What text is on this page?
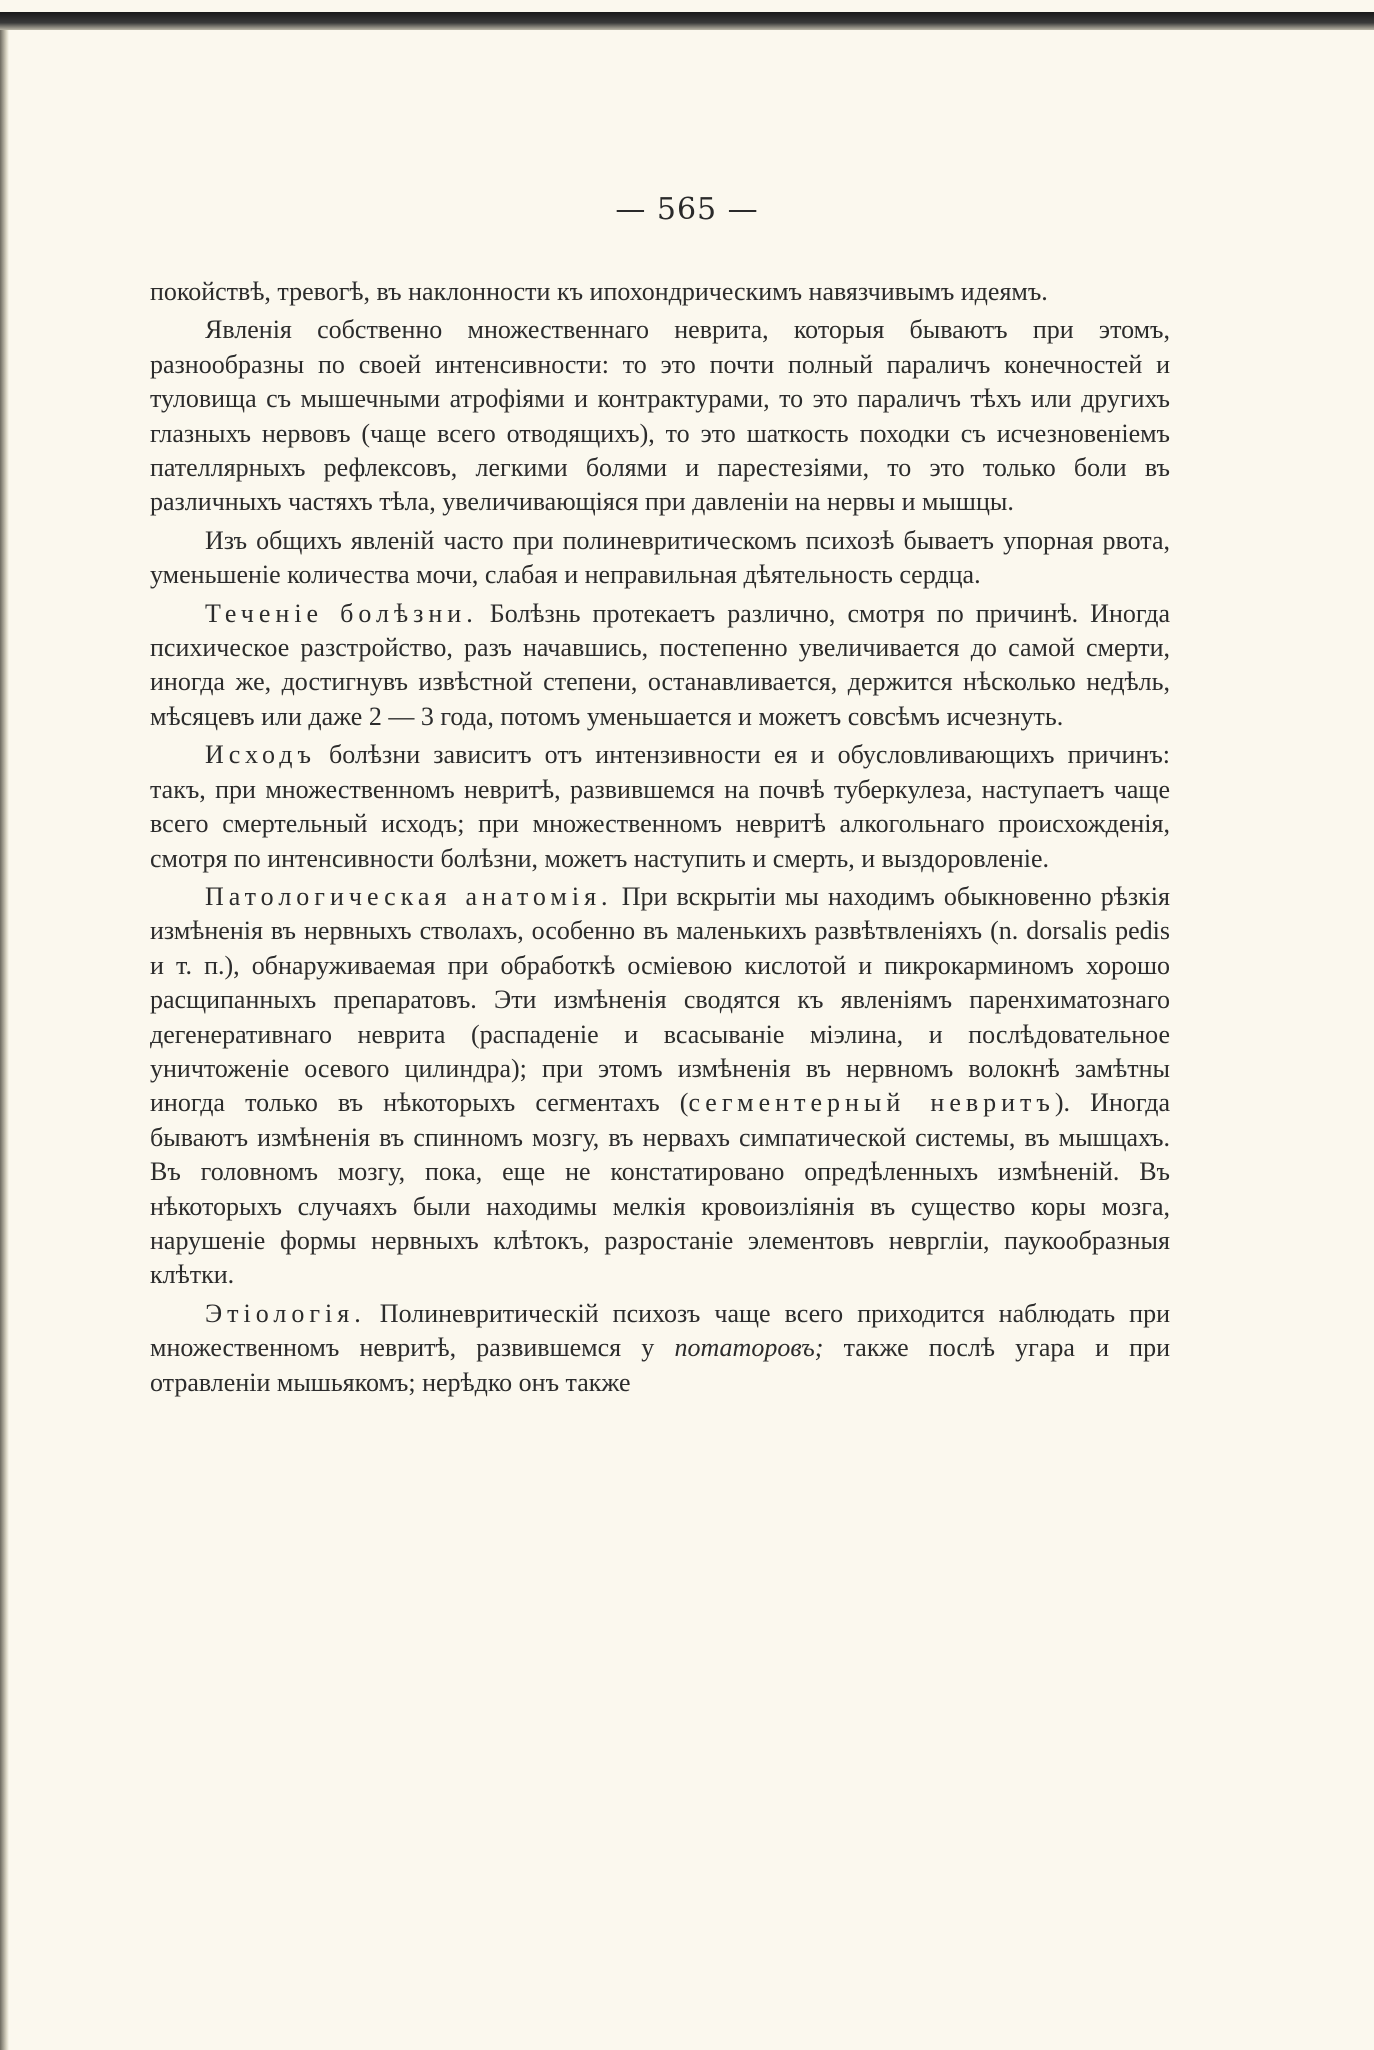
— 565 —

покойствѣ, тревогѣ, въ наклонности къ ипохондрическимъ навязчивымъ идеямъ.

Явленія собственно множественнаго неврита, которыя бываютъ при этомъ, разнообразны по своей интенсивности: то это почти полный параличъ конечностей и туловища съ мышечными атрофіями и контрактурами, то это параличъ тѣхъ или другихъ глазныхъ нервовъ (чаще всего отводящихъ), то это шаткость походки съ исчезновеніемъ пателлярныхъ рефлексовъ, легкими болями и парестезіями, то это только боли въ различныхъ частяхъ тѣла, увеличивающіяся при давленіи на нервы и мышцы.

Изъ общихъ явленій часто при полиневритическомъ психозѣ бываетъ упорная рвота, уменьшеніе количества мочи, слабая и неправильная дѣятельность сердца.

Теченіе болѣзни. Болѣзнь протекаетъ различно, смотря по причинѣ. Иногда психическое разстройство, разъ начавшись, постепенно увеличивается до самой смерти, иногда же, достигнувъ извѣстной степени, останавливается, держится нѣсколько недѣль, мѣсяцевъ или даже 2 — 3 года, потомъ уменьшается и можетъ совсѣмъ исчезнуть.

Исходъ болѣзни зависитъ отъ интензивности ея и обусловливающихъ причинъ: такъ, при множественномъ невритѣ, развившемся на почвѣ туберкулеза, наступаетъ чаще всего смертельный исходъ; при множественномъ невритѣ алкогольнаго происхожденія, смотря по интенсивности болѣзни, можетъ наступить и смерть, и выздоровленіе.

Патологическая анатомія. При вскрытіи мы находимъ обыкновенно рѣзкія измѣненія въ нервныхъ стволахъ, особенно въ маленькихъ развѣтвленіяхъ (n. dorsalis pedis и т. п.), обнаруживаемая при обработкѣ осміевою кислотой и пикрокарминомъ хорошо расщипанныхъ препаратовъ. Эти измѣненія сводятся къ явленіямъ паренхиматознаго дегенеративнаго неврита (распаденіе и всасываніе міэлина, и послѣдовательное уничтоженіе осевого цилиндра); при этомъ измѣненія въ нервномъ волокнѣ замѣтны иногда только въ нѣкоторыхъ сегментахъ (сегментерный невритъ). Иногда бываютъ измѣненія въ спинномъ мозгу, въ нервахъ симпатической системы, въ мышцахъ. Въ головномъ мозгу, пока, еще не констатировано опредѣленныхъ измѣненій. Въ нѣкоторыхъ случаяхъ были находимы мелкія кровоизліянія въ существо коры мозга, нарушеніе формы нервныхъ клѣтокъ, разростаніе элементовъ невргліи, паукообразныя клѣтки.

Этіологія. Полиневритическій психозъ чаще всего приходится наблюдать при множественномъ невритѣ, развившемся у потаторовъ; также послѣ угара и при отравленіи мышьякомъ; нерѣдко онъ также
